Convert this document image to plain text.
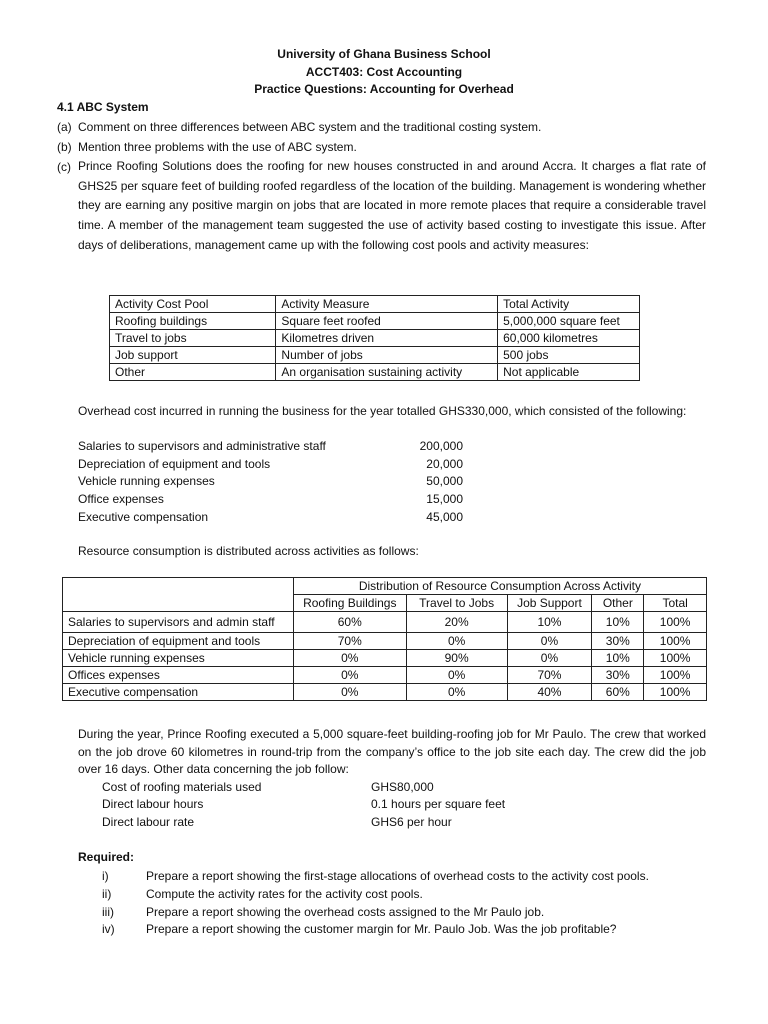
University of Ghana Business School
ACCT403: Cost Accounting
Practice Questions: Accounting for Overhead
4.1 ABC System
(a) Comment on three differences between ABC system and the traditional costing system.
(b) Mention three problems with the use of ABC system.
(c) Prince Roofing Solutions does the roofing for new houses constructed in and around Accra. It charges a flat rate of GHS25 per square feet of building roofed regardless of the location of the building. Management is wondering whether they are earning any positive margin on jobs that are located in more remote places that require a considerable travel time. A member of the management team suggested the use of activity based costing to investigate this issue. After days of deliberations, management came up with the following cost pools and activity measures:
Activity Cost Pool	Activity Measure	Total Activity
Roofing buildings	Square feet roofed	5,000,000 square feet
Travel to jobs	Kilometres driven	60,000 kilometres
Job support	Number of jobs	500 jobs
Other	An organisation sustaining activity	Not applicable
Overhead cost incurred in running the business for the year totalled GHS330,000, which consisted of the following:
Salaries to supervisors and administrative staff	200,000
Depreciation of equipment and tools	20,000
Vehicle running expenses	50,000
Office expenses	15,000
Executive compensation	45,000
Resource consumption is distributed across activities as follows:
	Distribution of Resource Consumption Across Activity				
	Roofing Buildings	Travel to Jobs	Job Support	Other	Total
Salaries to supervisors and admin staff	60%	20%	10%	10%	100%
Depreciation of equipment and tools	70%	0%	0%	30%	100%
Vehicle running expenses	0%	90%	0%	10%	100%
Offices expenses	0%	0%	70%	30%	100%
Executive compensation	0%	0%	40%	60%	100%
During the year, Prince Roofing executed a 5,000 square-feet building-roofing job for Mr Paulo. The crew that worked on the job drove 60 kilometres in round-trip from the company’s office to the job site each day. The crew did the job over 16 days. Other data concerning the job follow:
Cost of roofing materials used	GHS80,000
Direct labour hours	0.1 hours per square feet
Direct labour rate	GHS6 per hour
Required:
i)	Prepare a report showing the first-stage allocations of overhead costs to the activity cost pools.
ii)	Compute the activity rates for the activity cost pools.
iii)	Prepare a report showing the overhead costs assigned to the Mr Paulo job.
iv)	Prepare a report showing the customer margin for Mr. Paulo Job. Was the job profitable?
